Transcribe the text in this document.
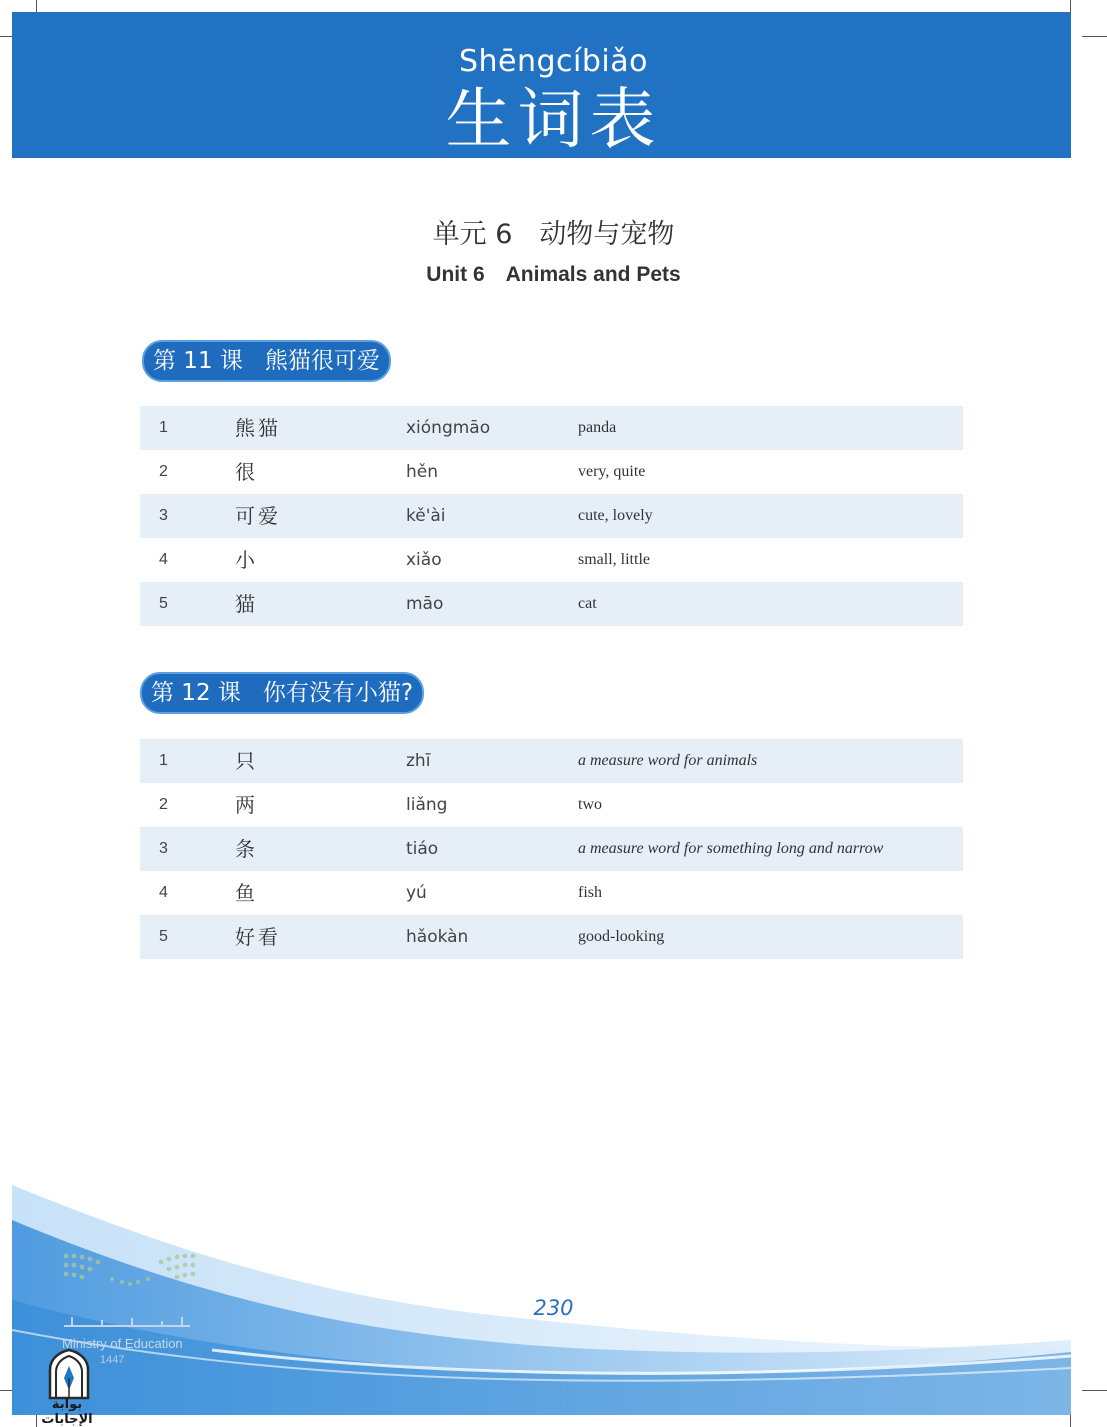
Shēngcíbiǎo
生词表
单元 6　动物与宠物
Unit 6　Animals and Pets
第 11 课 熊猫很可爱
1	熊猫	xióngmāo	panda
2	很	hěn	very, quite
3	可爱	kě'ài	cute, lovely
4	小	xiǎo	small, little
5	猫	māo	cat
第 12 课 你有没有小猫?
1	只	zhī	a measure word for animals
2	两	liǎng	two
3	条	tiáo	a measure word for something long and narrow
4	鱼	yú	fish
5	好看	hǎokàn	good-looking
Ministry of Education
1447
230
بوابة الإجابات
